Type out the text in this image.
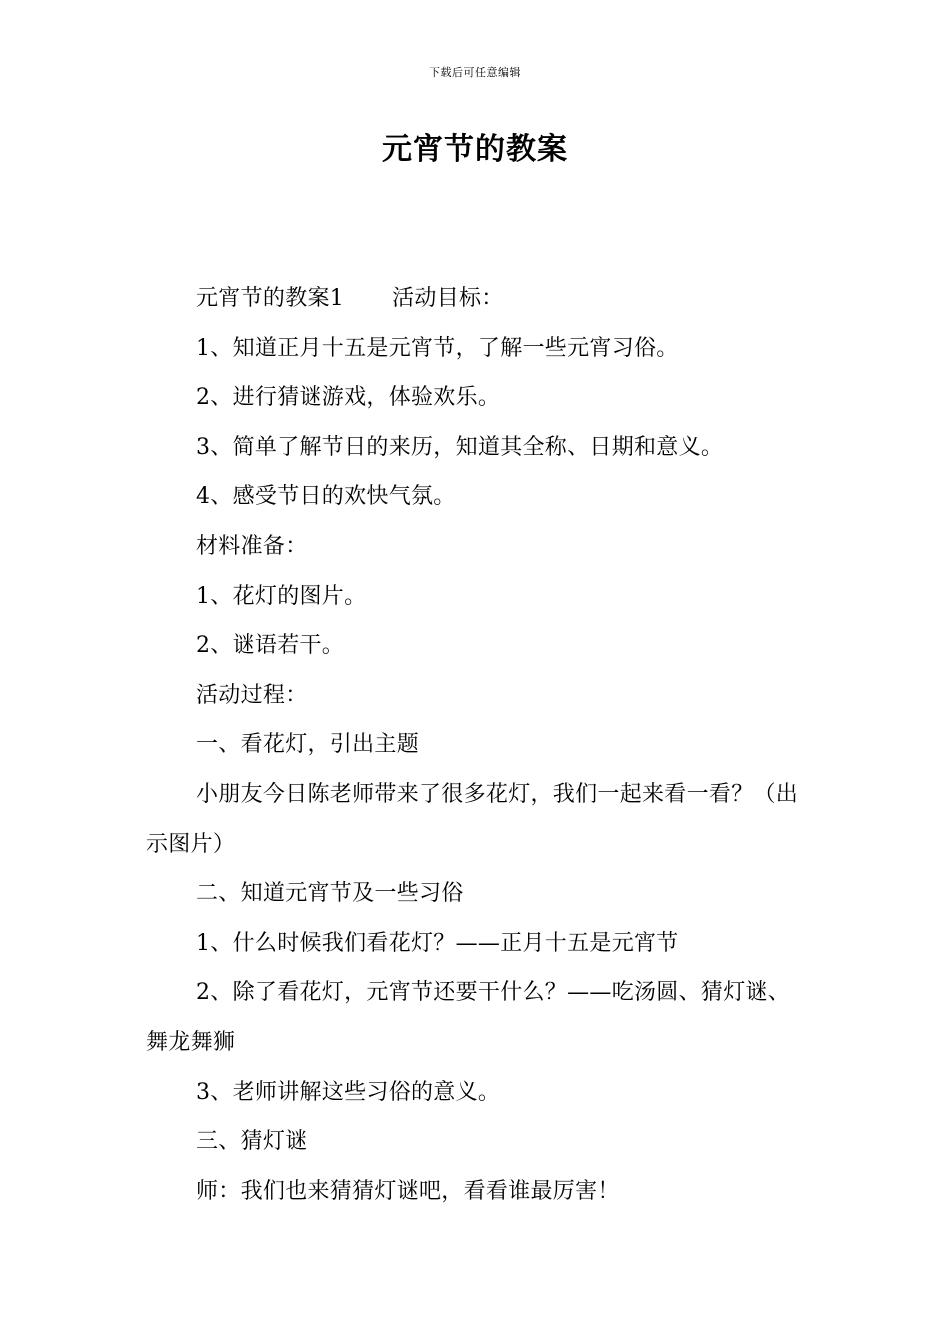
下载后可任意编辑
元宵节的教案

元宵节的教案1 活动目标：

1、知道正月十五是元宵节，了解一些元宵习俗。

2、进行猜谜游戏，体验欢乐。

3、简单了解节日的来历，知道其全称、日期和意义。

4、感受节日的欢快气氛。

材料准备：

1、花灯的图片。

2、谜语若干。

活动过程：

一、看花灯，引出主题

小朋友今日陈老师带来了很多花灯，我们一起来看一看？（出示图片）

二、知道元宵节及一些习俗

1、什么时候我们看花灯？——正月十五是元宵节

2、除了看花灯，元宵节还要干什么？——吃汤圆、猜灯谜、舞龙舞狮

3、老师讲解这些习俗的意义。

三、猜灯谜

师：我们也来猜猜灯谜吧，看看谁最厉害！
